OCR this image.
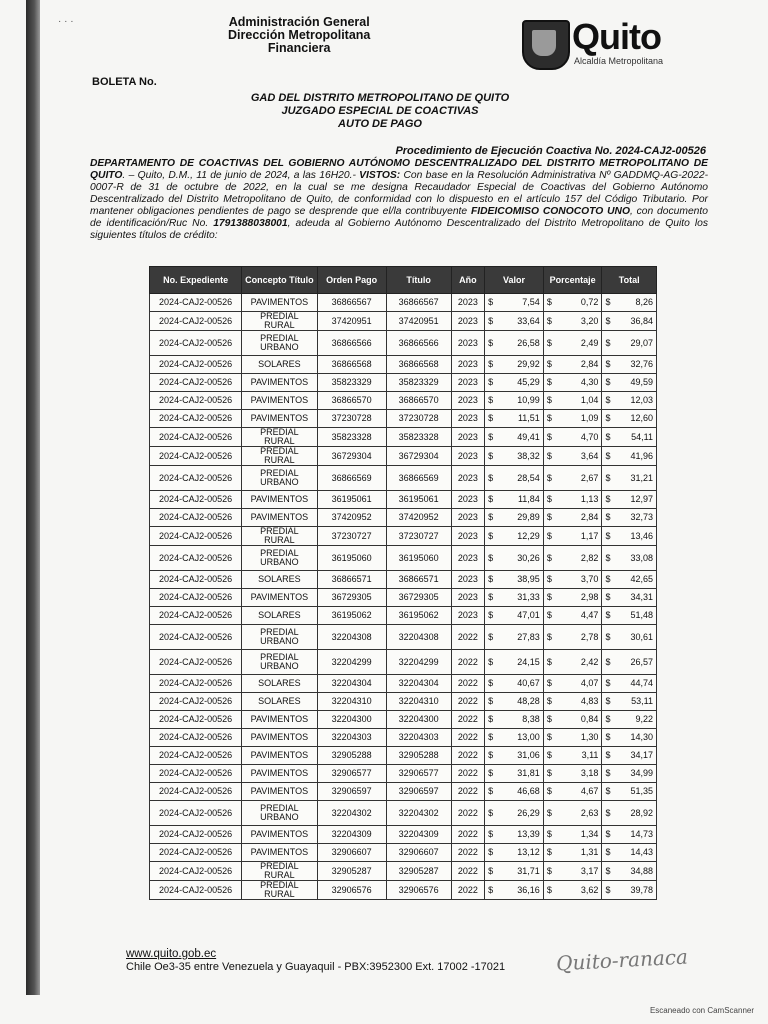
· · ·	Administración General
Dirección Metropolitana
Financiera	Quito
Alcaldía Metropolitana
BOLETA No.
GAD DEL DISTRITO METROPOLITANO DE QUITO
JUZGADO ESPECIAL DE COACTIVAS
AUTO DE PAGO
Procedimiento de Ejecución Coactiva No. 2024-CAJ2-00526
DEPARTAMENTO DE COACTIVAS DEL GOBIERNO AUTÓNOMO DESCENTRALIZADO DEL DISTRITO METROPOLITANO DE QUITO. – Quito, D.M., 11 de junio de 2024, a las 16H20.- VISTOS: Con base en la Resolución Administrativa Nº GADDMQ-AG-2022-0007-R de 31 de octubre de 2022, en la cual se me designa Recaudador Especial de Coactivas del Gobierno Autónomo Descentralizado del Distrito Metropolitano de Quito, de conformidad con lo dispuesto en el artículo 157 del Código Tributario. Por mantener obligaciones pendientes de pago se desprende que el/la contribuyente FIDEICOMISO CONOCOTO UNO, con documento de identificación/Ruc No. 1791388038001, adeuda al Gobierno Autónomo Descentralizado del Distrito Metropolitano de Quito los siguientes títulos de crédito:
No. Expediente	Concepto Título	Orden Pago	Título	Año	Valor		Porcentaje		Total	
2024-CAJ2-00526	PAVIMENTOS	36866567	36866567	2023	$	7,54	$	0,72	$	8,26
2024-CAJ2-00526	PREDIAL RURAL	37420951	37420951	2023	$	33,64	$	3,20	$	36,84
2024-CAJ2-00526	PREDIAL URBANO	36866566	36866566	2023	$	26,58	$	2,49	$	29,07
2024-CAJ2-00526	SOLARES	36866568	36866568	2023	$	29,92	$	2,84	$	32,76
2024-CAJ2-00526	PAVIMENTOS	35823329	35823329	2023	$	45,29	$	4,30	$	49,59
2024-CAJ2-00526	PAVIMENTOS	36866570	36866570	2023	$	10,99	$	1,04	$	12,03
2024-CAJ2-00526	PAVIMENTOS	37230728	37230728	2023	$	11,51	$	1,09	$	12,60
2024-CAJ2-00526	PREDIAL RURAL	35823328	35823328	2023	$	49,41	$	4,70	$	54,11
2024-CAJ2-00526	PREDIAL RURAL	36729304	36729304	2023	$	38,32	$	3,64	$	41,96
2024-CAJ2-00526	PREDIAL URBANO	36866569	36866569	2023	$	28,54	$	2,67	$	31,21
2024-CAJ2-00526	PAVIMENTOS	36195061	36195061	2023	$	11,84	$	1,13	$	12,97
2024-CAJ2-00526	PAVIMENTOS	37420952	37420952	2023	$	29,89	$	2,84	$	32,73
2024-CAJ2-00526	PREDIAL RURAL	37230727	37230727	2023	$	12,29	$	1,17	$	13,46
2024-CAJ2-00526	PREDIAL URBANO	36195060	36195060	2023	$	30,26	$	2,82	$	33,08
2024-CAJ2-00526	SOLARES	36866571	36866571	2023	$	38,95	$	3,70	$	42,65
2024-CAJ2-00526	PAVIMENTOS	36729305	36729305	2023	$	31,33	$	2,98	$	34,31
2024-CAJ2-00526	SOLARES	36195062	36195062	2023	$	47,01	$	4,47	$	51,48
2024-CAJ2-00526	PREDIAL URBANO	32204308	32204308	2022	$	27,83	$	2,78	$	30,61
2024-CAJ2-00526	PREDIAL URBANO	32204299	32204299	2022	$	24,15	$	2,42	$	26,57
2024-CAJ2-00526	SOLARES	32204304	32204304	2022	$	40,67	$	4,07	$	44,74
2024-CAJ2-00526	SOLARES	32204310	32204310	2022	$	48,28	$	4,83	$	53,11
2024-CAJ2-00526	PAVIMENTOS	32204300	32204300	2022	$	8,38	$	0,84	$	9,22
2024-CAJ2-00526	PAVIMENTOS	32204303	32204303	2022	$	13,00	$	1,30	$	14,30
2024-CAJ2-00526	PAVIMENTOS	32905288	32905288	2022	$	31,06	$	3,11	$	34,17
2024-CAJ2-00526	PAVIMENTOS	32906577	32906577	2022	$	31,81	$	3,18	$	34,99
2024-CAJ2-00526	PAVIMENTOS	32906597	32906597	2022	$	46,68	$	4,67	$	51,35
2024-CAJ2-00526	PREDIAL URBANO	32204302	32204302	2022	$	26,29	$	2,63	$	28,92
2024-CAJ2-00526	PAVIMENTOS	32204309	32204309	2022	$	13,39	$	1,34	$	14,73
2024-CAJ2-00526	PAVIMENTOS	32906607	32906607	2022	$	13,12	$	1,31	$	14,43
2024-CAJ2-00526	PREDIAL RURAL	32905287	32905287	2022	$	31,71	$	3,17	$	34,88
2024-CAJ2-00526	PREDIAL RURAL	32906576	32906576	2022	$	36,16	$	3,62	$	39,78
www.quito.gob.ec
Chile Oe3-35 entre Venezuela y Guayaquil - PBX:3952300 Ext. 17002 -17021	Quito-ranaca
Escaneado con CamScanner
